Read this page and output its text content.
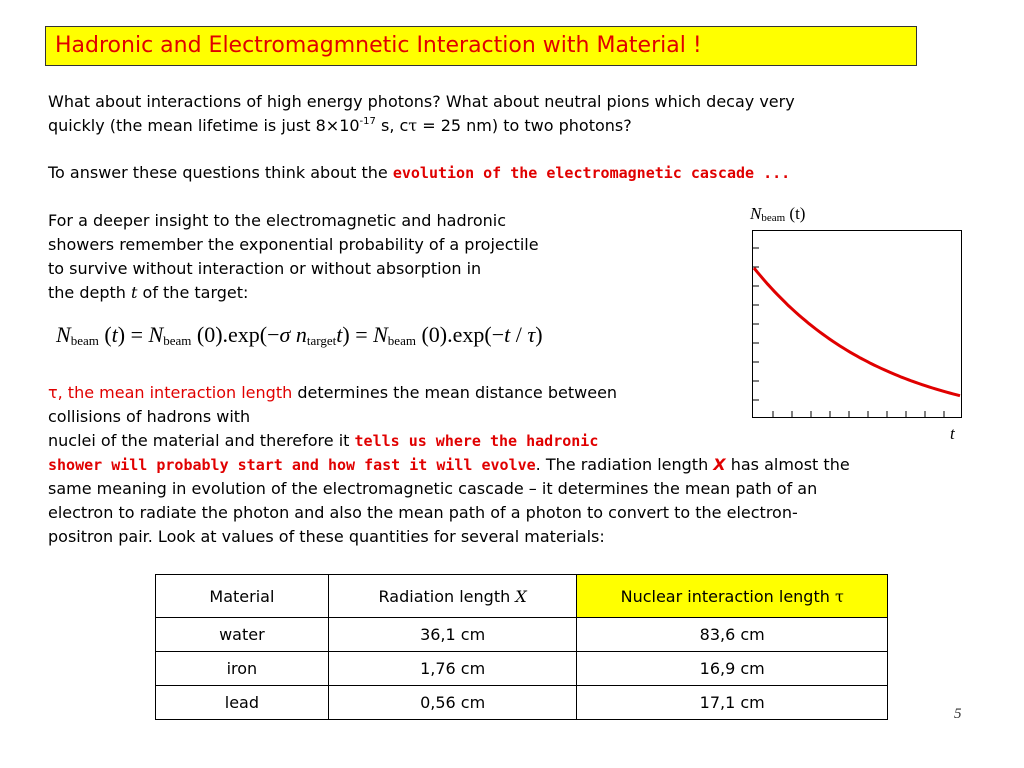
Hadronic and Electromagmnetic Interaction with Material !

What about interactions of high energy photons? What about neutral pions which decay very
quickly (the mean lifetime is just $8\times 10^{-17}$ s, cτ = 25 nm) to two photons?

To answer these questions think about the evolution of the electromagnetic cascade ...

For a deeper insight to the electromagnetic and hadronic
showers remember the exponential probability of a projectile
to survive without interaction or without absorption in
the depth t of the target:

$N_{beam}$ $(t) = N_{beam}$ (0).exp(−σ $n_{target}t) = N_{beam}$ (0).exp(−t / τ)

τ, the mean interaction length determines the mean distance between
collisions of hadrons with
nuclei of the material and therefore it tells us where the hadronic
shower will probably start and how fast it will evolve. The radiation length X has almost the
same meaning in evolution of the electromagnetic cascade – it determines the mean path of an
electron to radiate the photon and also the mean path of a photon to convert to the electron-
positron pair. Look at values of these quantities for several materials:

Nbeam (t)
t
Material	Radiation length X	Nuclear interaction length τ
water	36,1 cm	83,6 cm
iron	1,76 cm	16,9 cm
lead	0,56 cm	17,1 cm
5
